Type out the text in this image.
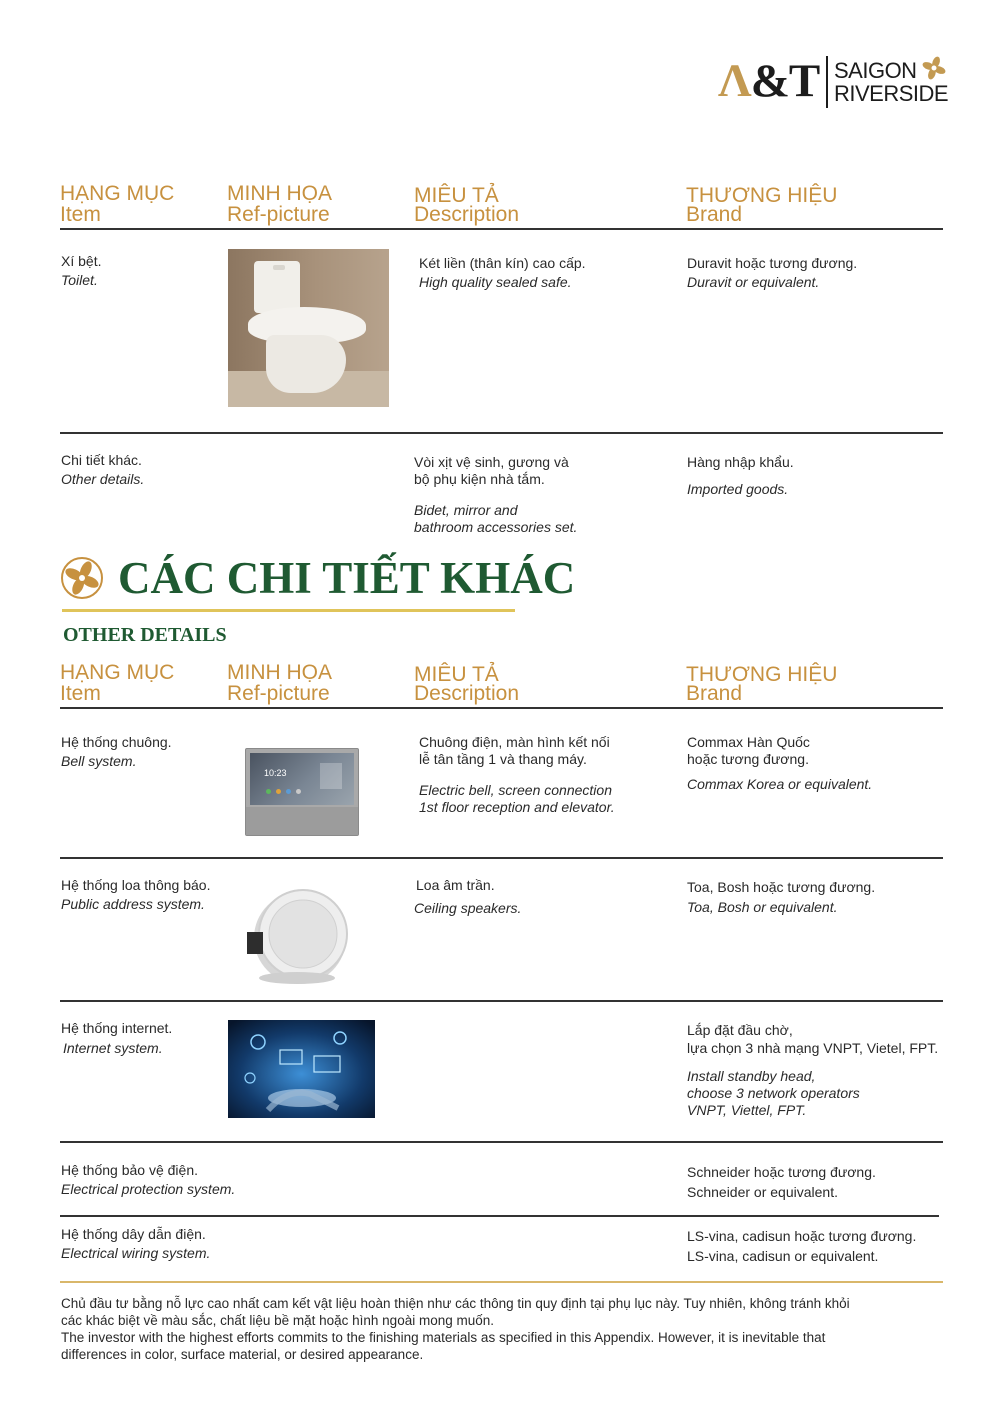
Λ&T SAIGON
RIVERSIDE
HẠNG MỤC
Item
MINH HỌA
Ref-picture
MIÊU TẢ
Description
THƯƠNG HIỆU
Brand
Xí bệt.
Toilet.
Két liền (thân kín) cao cấp.
High quality sealed safe.
Duravit hoặc tương đương.
Duravit or equivalent.
Chi tiết khác.
Other details.
Vòi xịt vệ sinh, gương và
bộ phụ kiện nhà tắm.
Bidet, mirror and
bathroom accessories set.
Hàng nhập khẩu.
Imported goods.
CÁC CHI TIẾT KHÁC
OTHER DETAILS
HẠNG MỤC
Item
MINH HỌA
Ref-picture
MIÊU TẢ
Description
THƯƠNG HIỆU
Brand
Hệ thống chuông.
Bell system.
10:23
Chuông điện, màn hình kết nối
lễ tân tầng 1 và thang máy.
Electric bell, screen connection
1st floor reception and elevator.
Commax Hàn Quốc
hoặc tương đương.
Commax Korea or equivalent.
Hệ thống loa thông báo.
Public address system.
Loa âm trần.
Ceiling speakers.
Toa, Bosh hoặc tương đương.
Toa, Bosh or equivalent.
Hệ thống internet.
Internet system.
Lắp đặt đầu chờ,
lựa chọn 3 nhà mạng VNPT, Vietel, FPT.
Install standby head,
choose 3 network operators
VNPT, Viettel, FPT.
Hệ thống bảo vệ điện.
Electrical protection system.
Schneider hoặc tương đương.
Schneider or equivalent.
Hệ thống dây dẫn điện.
Electrical wiring system.
LS-vina, cadisun hoặc tương đương.
LS-vina, cadisun or equivalent.
Chủ đầu tư bằng nỗ lực cao nhất cam kết vật liệu hoàn thiện như các thông tin quy định tại phụ lục này. Tuy nhiên, không tránh khỏi
các khác biệt về màu sắc, chất liệu bề mặt hoặc hình ngoài mong muốn.
The investor with the highest efforts commits to the finishing materials as specified in this Appendix. However, it is inevitable that
differences in color, surface material, or desired appearance.
